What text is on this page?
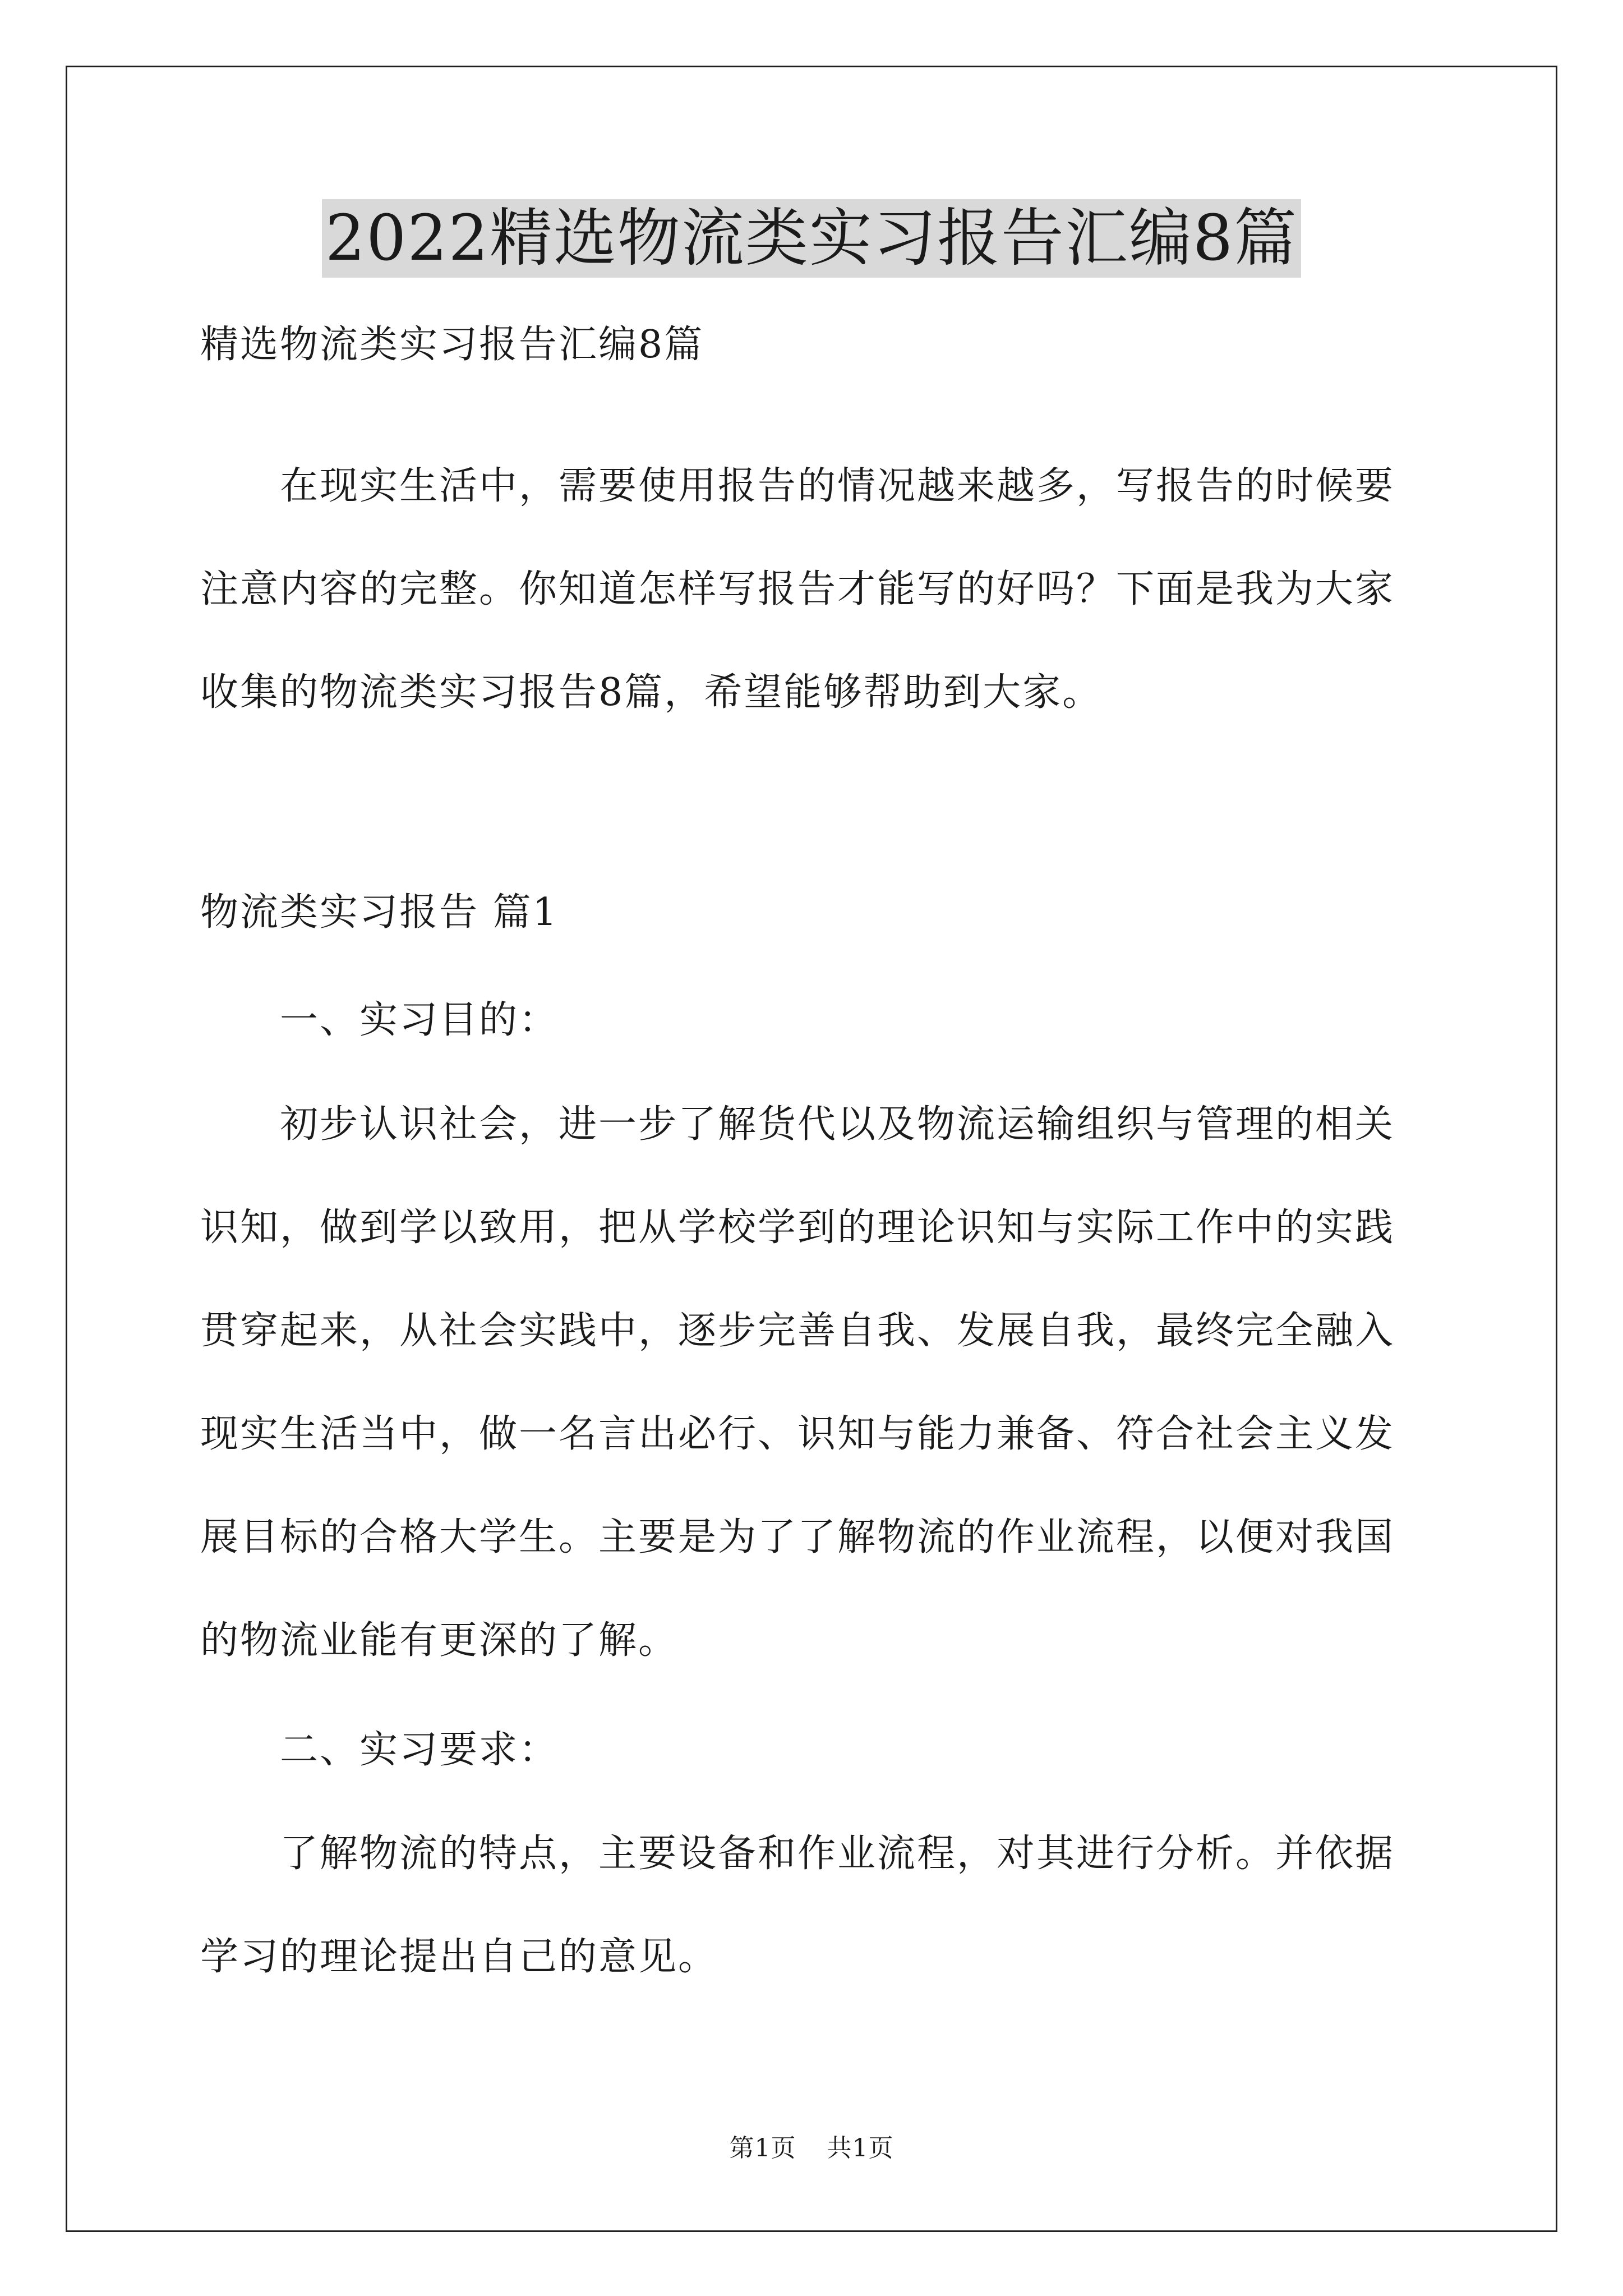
2022精选物流类实习报告汇编8篇
精选物流类实习报告汇编8篇
在现实生活中，需要使用报告的情况越来越多，写报告的时候要注意内容的完整。你知道怎样写报告才能写的好吗？下面是我为大家收集的物流类实习报告8篇，希望能够帮助到大家。
物流类实习报告 篇1
一、实习目的：
初步认识社会，进一步了解货代以及物流运输组织与管理的相关识知，做到学以致用，把从学校学到的理论识知与实际工作中的实践贯穿起来，从社会实践中，逐步完善自我、发展自我，最终完全融入现实生活当中，做一名言出必行、识知与能力兼备、符合社会主义发展目标的合格大学生。主要是为了了解物流的作业流程，以便对我国的物流业能有更深的了解。
二、实习要求：
了解物流的特点，主要设备和作业流程，对其进行分析。并依据学习的理论提出自己的意见。
第1页 共1页
